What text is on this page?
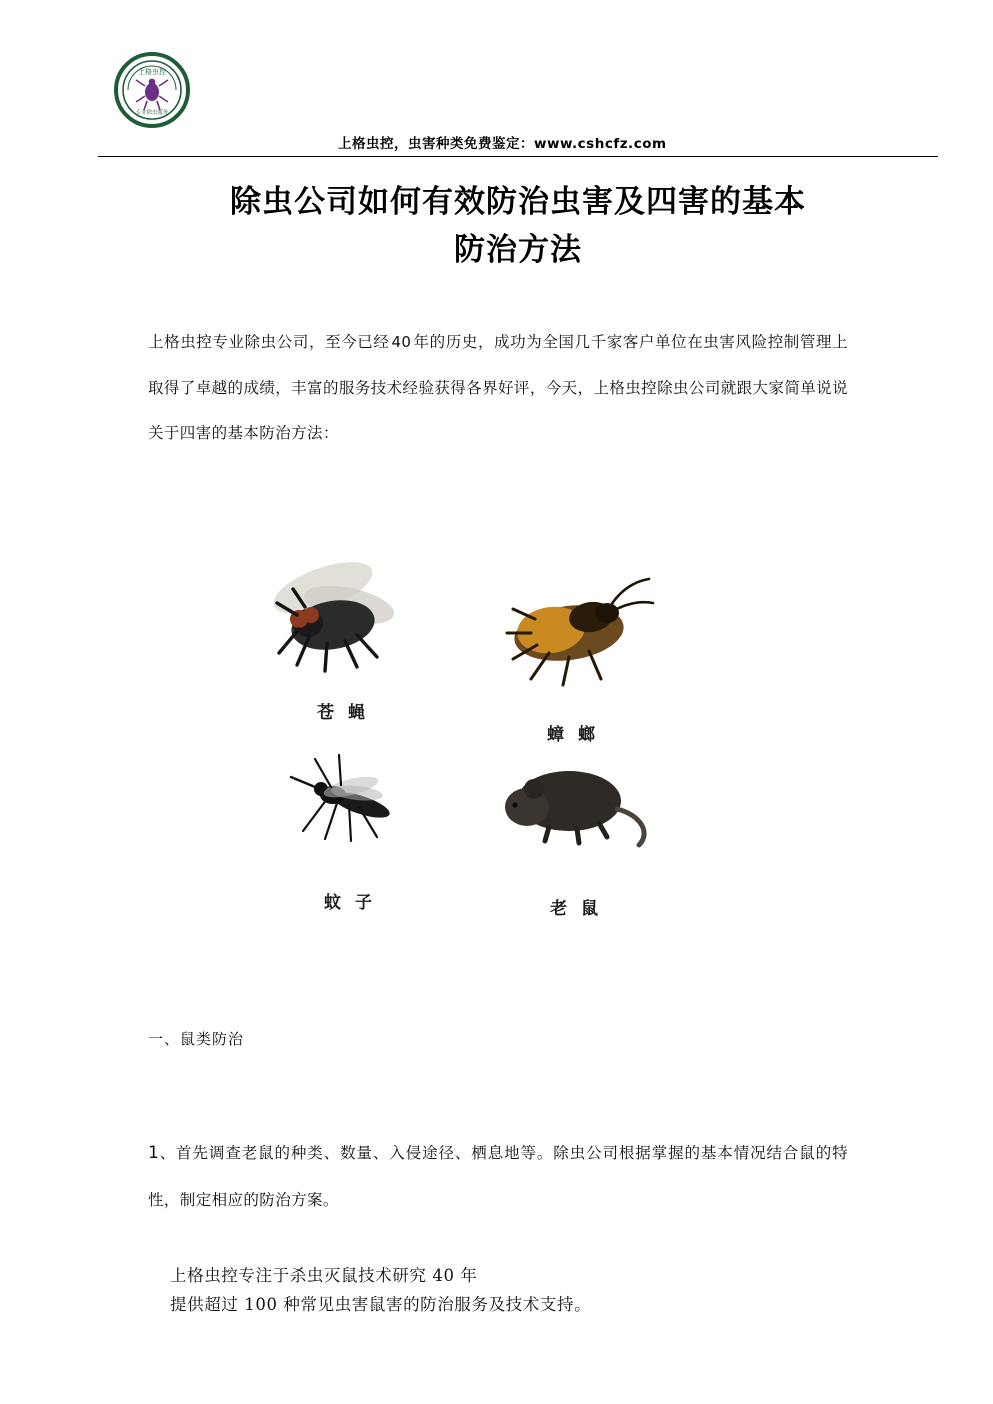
上格虫控
专业除虫服务
上格虫控，虫害种类免费鉴定：www.cshcfz.com
除虫公司如何有效防治虫害及四害的基本
防治方法
上格虫控专业除虫公司，至今已经 40 年的历史，成功为全国几千家客户单位在虫害风险控制管理上取得了卓越的成绩，丰富的服务技术经验获得各界好评，今天，上格虫控除虫公司就跟大家简单说说关于四害的基本防治方法：
苍 蝇
蟑 螂
蚊 子	老 鼠
一、鼠类防治
1、首先调查老鼠的种类、数量、入侵途径、栖息地等。除虫公司根据掌握的基本情况结合鼠的特性，制定相应的防治方案。
上格虫控专注于杀虫灭鼠技术研究 40 年
提供超过 100 种常见虫害鼠害的防治服务及技术支持。
